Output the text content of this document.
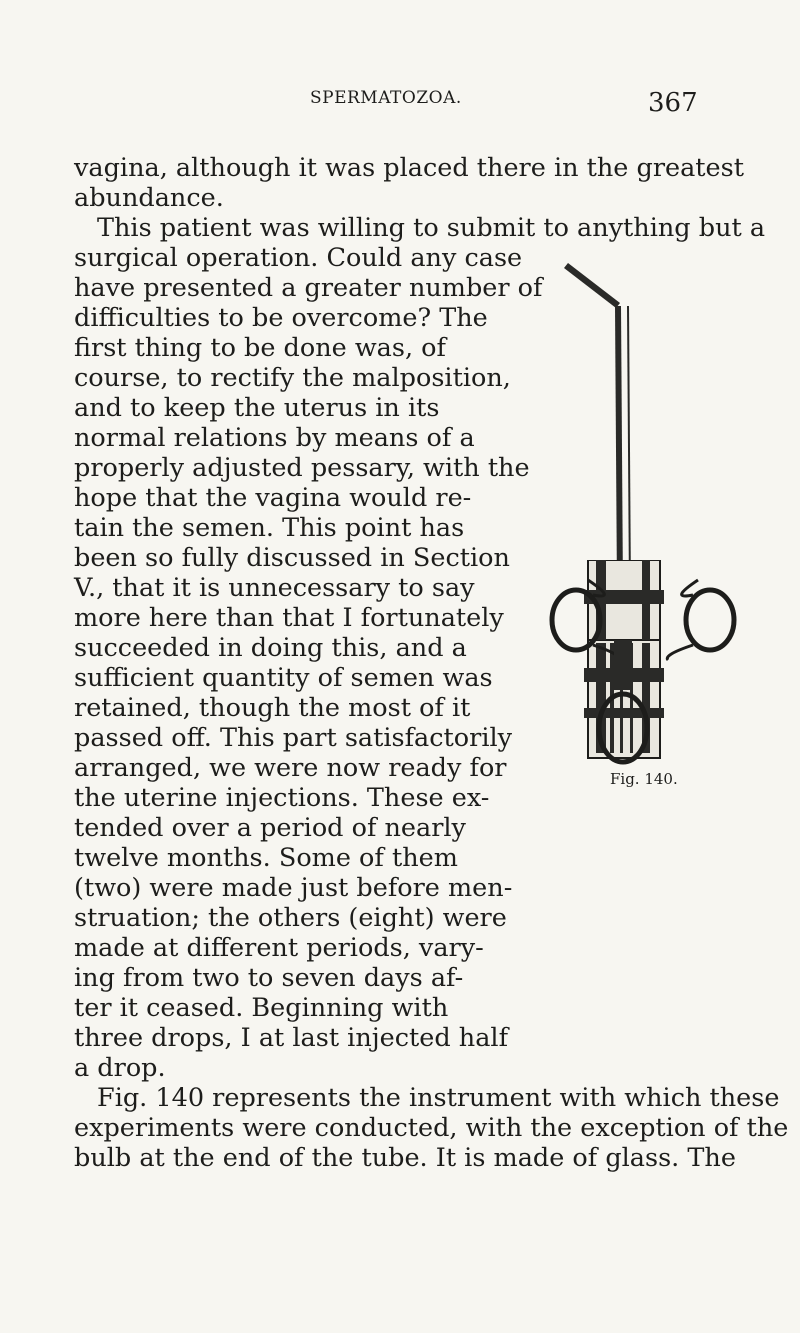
SPERMATOZOA.	367

vagina, although it was placed there in the greatest

abundance.

This patient was willing to submit to anything but a

surgical operation. Could any case

have presented a greater number of

difficulties to be overcome? The

first thing to be done was, of

course, to rectify the malposition,

and to keep the uterus in its

normal relations by means of a

properly adjusted pessary, with the

hope that the vagina would re-

tain the semen. This point has

been so fully discussed in Section

V., that it is unnecessary to say

more here than that I fortunately

succeeded in doing this, and a

sufficient quantity of semen was

retained, though the most of it

passed off. This part satisfactorily

arranged, we were now ready for

the uterine injections. These ex-

tended over a period of nearly

twelve months. Some of them

(two) were made just before men-

struation; the others (eight) were

made at different periods, vary-

ing from two to seven days af-

ter it ceased. Beginning with

three drops, I at last injected half

a drop.

Fig. 140 represents the instrument with which these

experiments were conducted, with the exception of the

bulb at the end of the tube. It is made of glass. The

Fig. 140.
